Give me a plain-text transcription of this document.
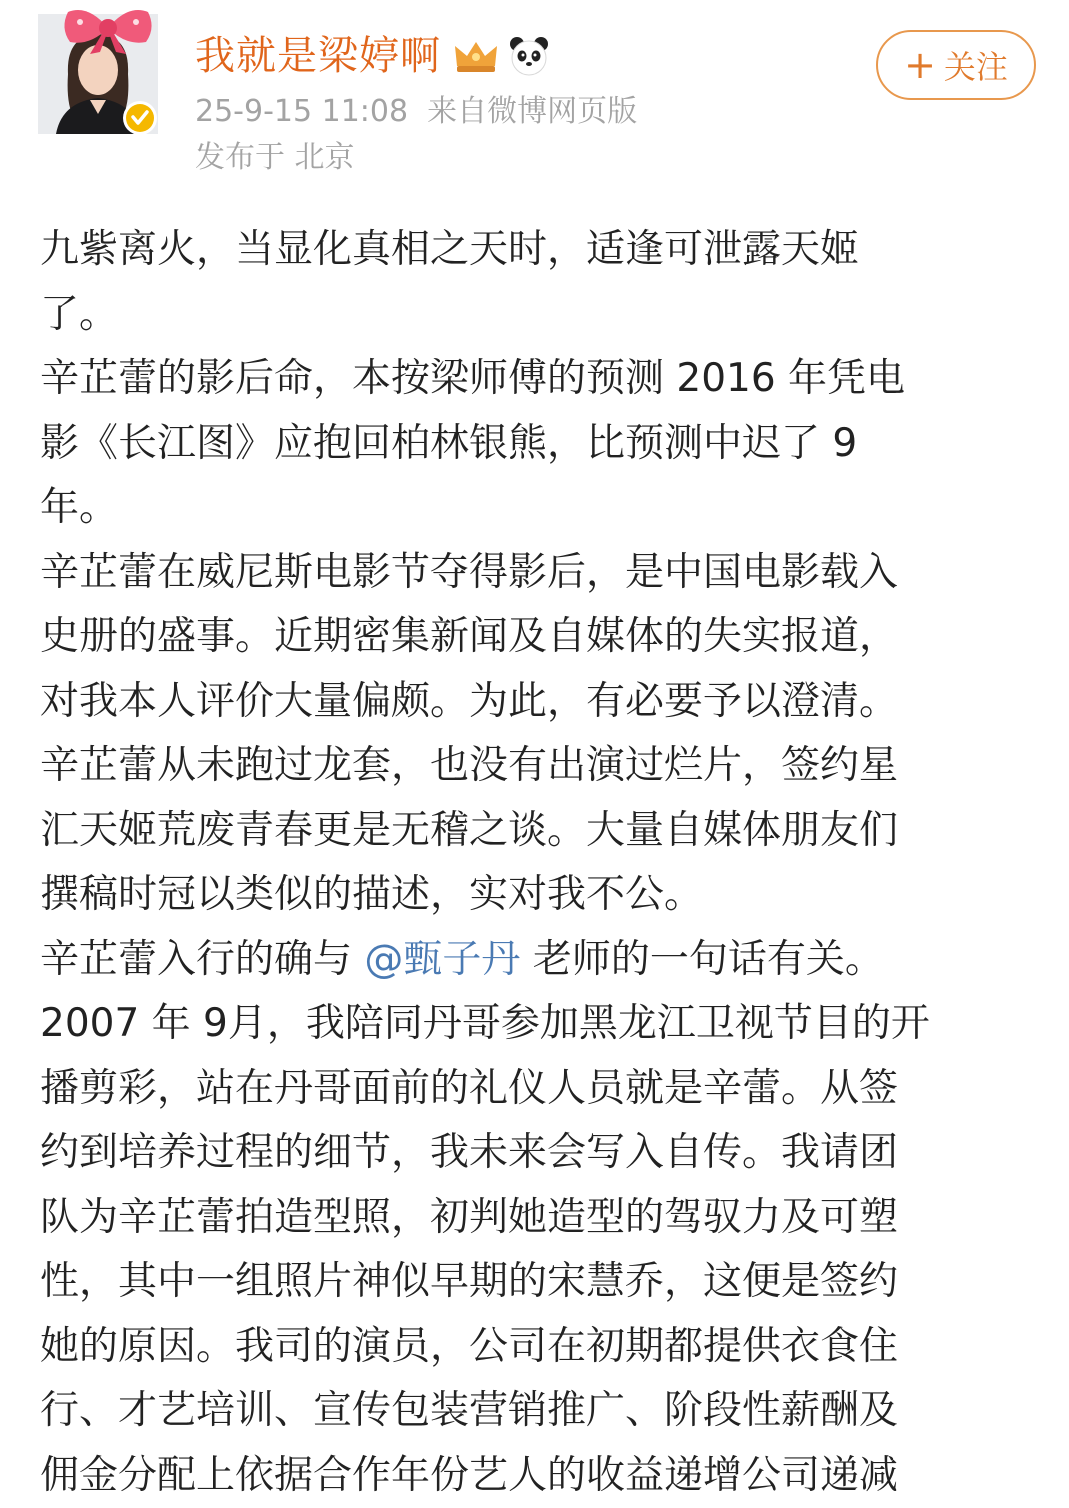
我就是梁婷啊
25-9-15 11:08 来自微博网页版
发布于 北京
+ 关注
九紫离火，当显化真相之天时，适逢可泄露天姬
了。
辛芷蕾的影后命，本按梁师傅的预测 2016 年凭电
影《长江图》应抱回柏林银熊，比预测中迟了 9
年。
辛芷蕾在威尼斯电影节夺得影后，是中国电影载入
史册的盛事。近期密集新闻及自媒体的失实报道，
对我本人评价大量偏颇。为此，有必要予以澄清。
辛芷蕾从未跑过龙套，也没有出演过烂片，签约星
汇天姬荒废青春更是无稽之谈。大量自媒体朋友们
撰稿时冠以类似的描述，实对我不公。
辛芷蕾入行的确与 @甄子丹 老师的一句话有关。
2007 年 9月，我陪同丹哥参加黑龙江卫视节目的开
播剪彩，站在丹哥面前的礼仪人员就是辛蕾。从签
约到培养过程的细节，我未来会写入自传。我请团
队为辛芷蕾拍造型照，初判她造型的驾驭力及可塑
性，其中一组照片神似早期的宋慧乔，这便是签约
她的原因。我司的演员，公司在初期都提供衣食住
行、才艺培训、宣传包装营销推广、阶段性薪酬及
佣金分配上依据合作年份艺人的收益递增公司递减
